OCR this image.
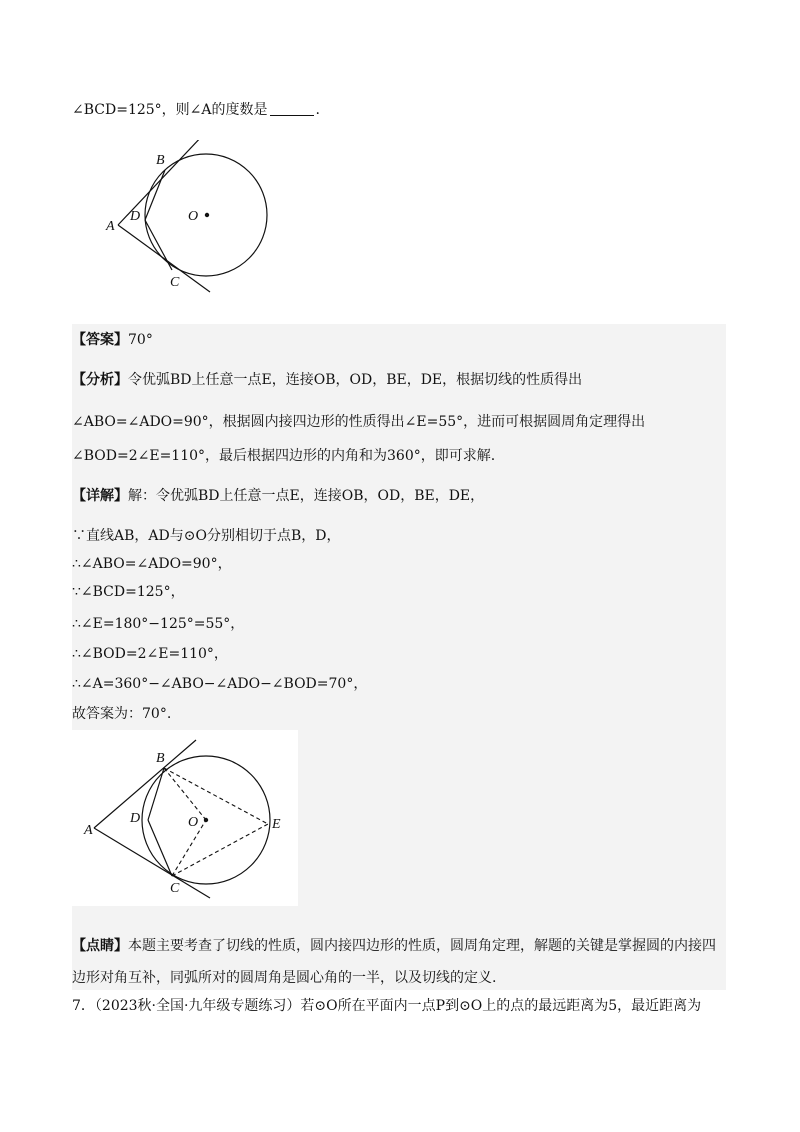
∠BCD=125°，则∠A的度数是	.
A
B
C
D	O
【答案】70°
【分析】令优弧BD上任意一点E，连接OB，OD，BE，DE，根据切线的性质得出
∠ABO=∠ADO=90°，根据圆内接四边形的性质得出∠E=55°，进而可根据圆周角定理得出
∠BOD=2∠E=110°，最后根据四边形的内角和为360°，即可求解.
【详解】解：令优弧BD上任意一点E，连接OB，OD，BE，DE，
∵直线AB，AD与⊙O分别相切于点B，D，
∴∠ABO=∠ADO=90°，
∵∠BCD=125°，
∴∠E=180°−125°=55°，
∴∠BOD=2∠E=110°，
∴∠A=360°−∠ABO−∠ADO−∠BOD=70°，
故答案为：70°.
A
B
C
D	O	E
【点睛】本题主要考查了切线的性质，圆内接四边形的性质，圆周角定理，解题的关键是掌握圆的内接四
边形对角互补，同弧所对的圆周角是圆心角的一半，以及切线的定义.
7．（2023秋·全国·九年级专题练习）若⊙O所在平面内一点P到⊙O上的点的最远距离为5，最近距离为
